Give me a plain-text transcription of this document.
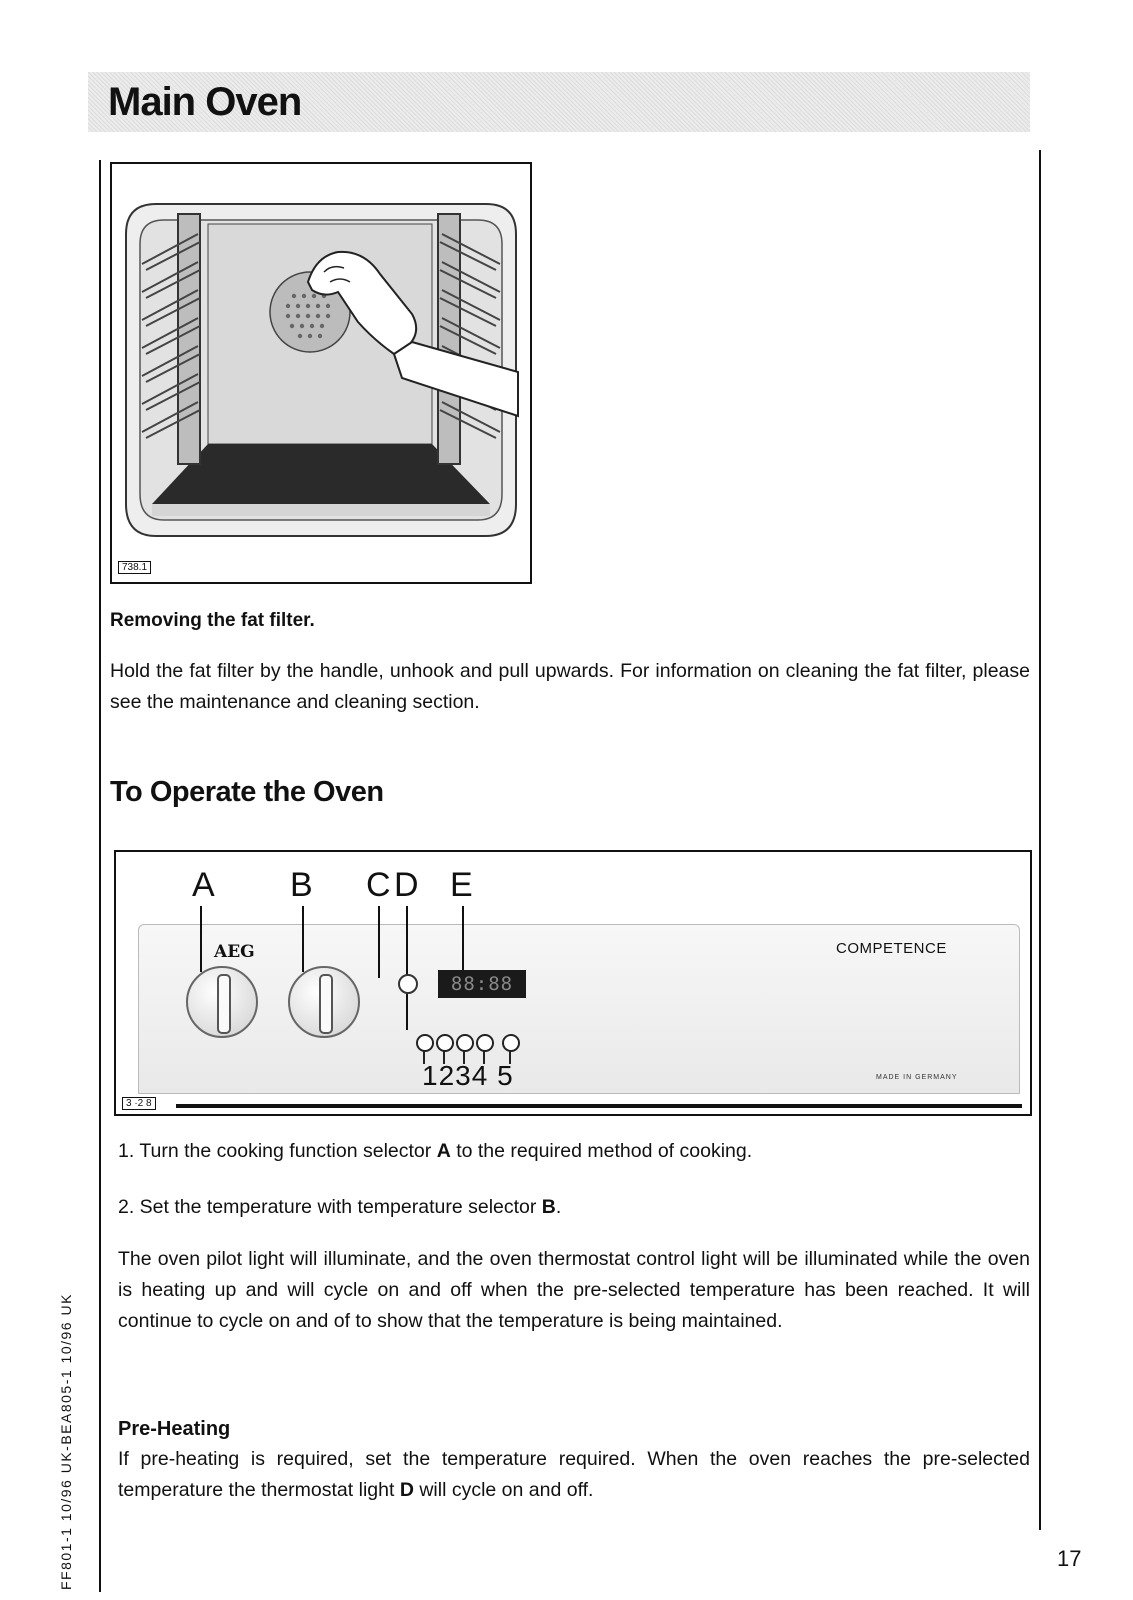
Main Oven
738.1

Removing the fat filter.

Hold the fat filter by the handle, unhook and pull upwards. For information on cleaning the fat filter, please see the maintenance and cleaning section.

To Operate the Oven
A B C D E
AEG	COMPETENCE
88:88
1234 5	MADE IN GERMANY
3 ·2 8

1. Turn the cooking function selector A to the required method of cooking.

2. Set the temperature with temperature selector B.

The oven pilot light will illuminate, and the oven thermostat control light will be illuminated while the oven is heating up and will cycle on and off when the pre-selected temperature has been reached. It will continue to cycle on and of to show that the temperature is being maintained.

Pre-Heating

If pre-heating is required, set the temperature required. When the oven reaches the pre-selected temperature the thermostat light D will cycle on and off.

FF801-1 10/96 UK-BEA805-1 10/96 UK	17
